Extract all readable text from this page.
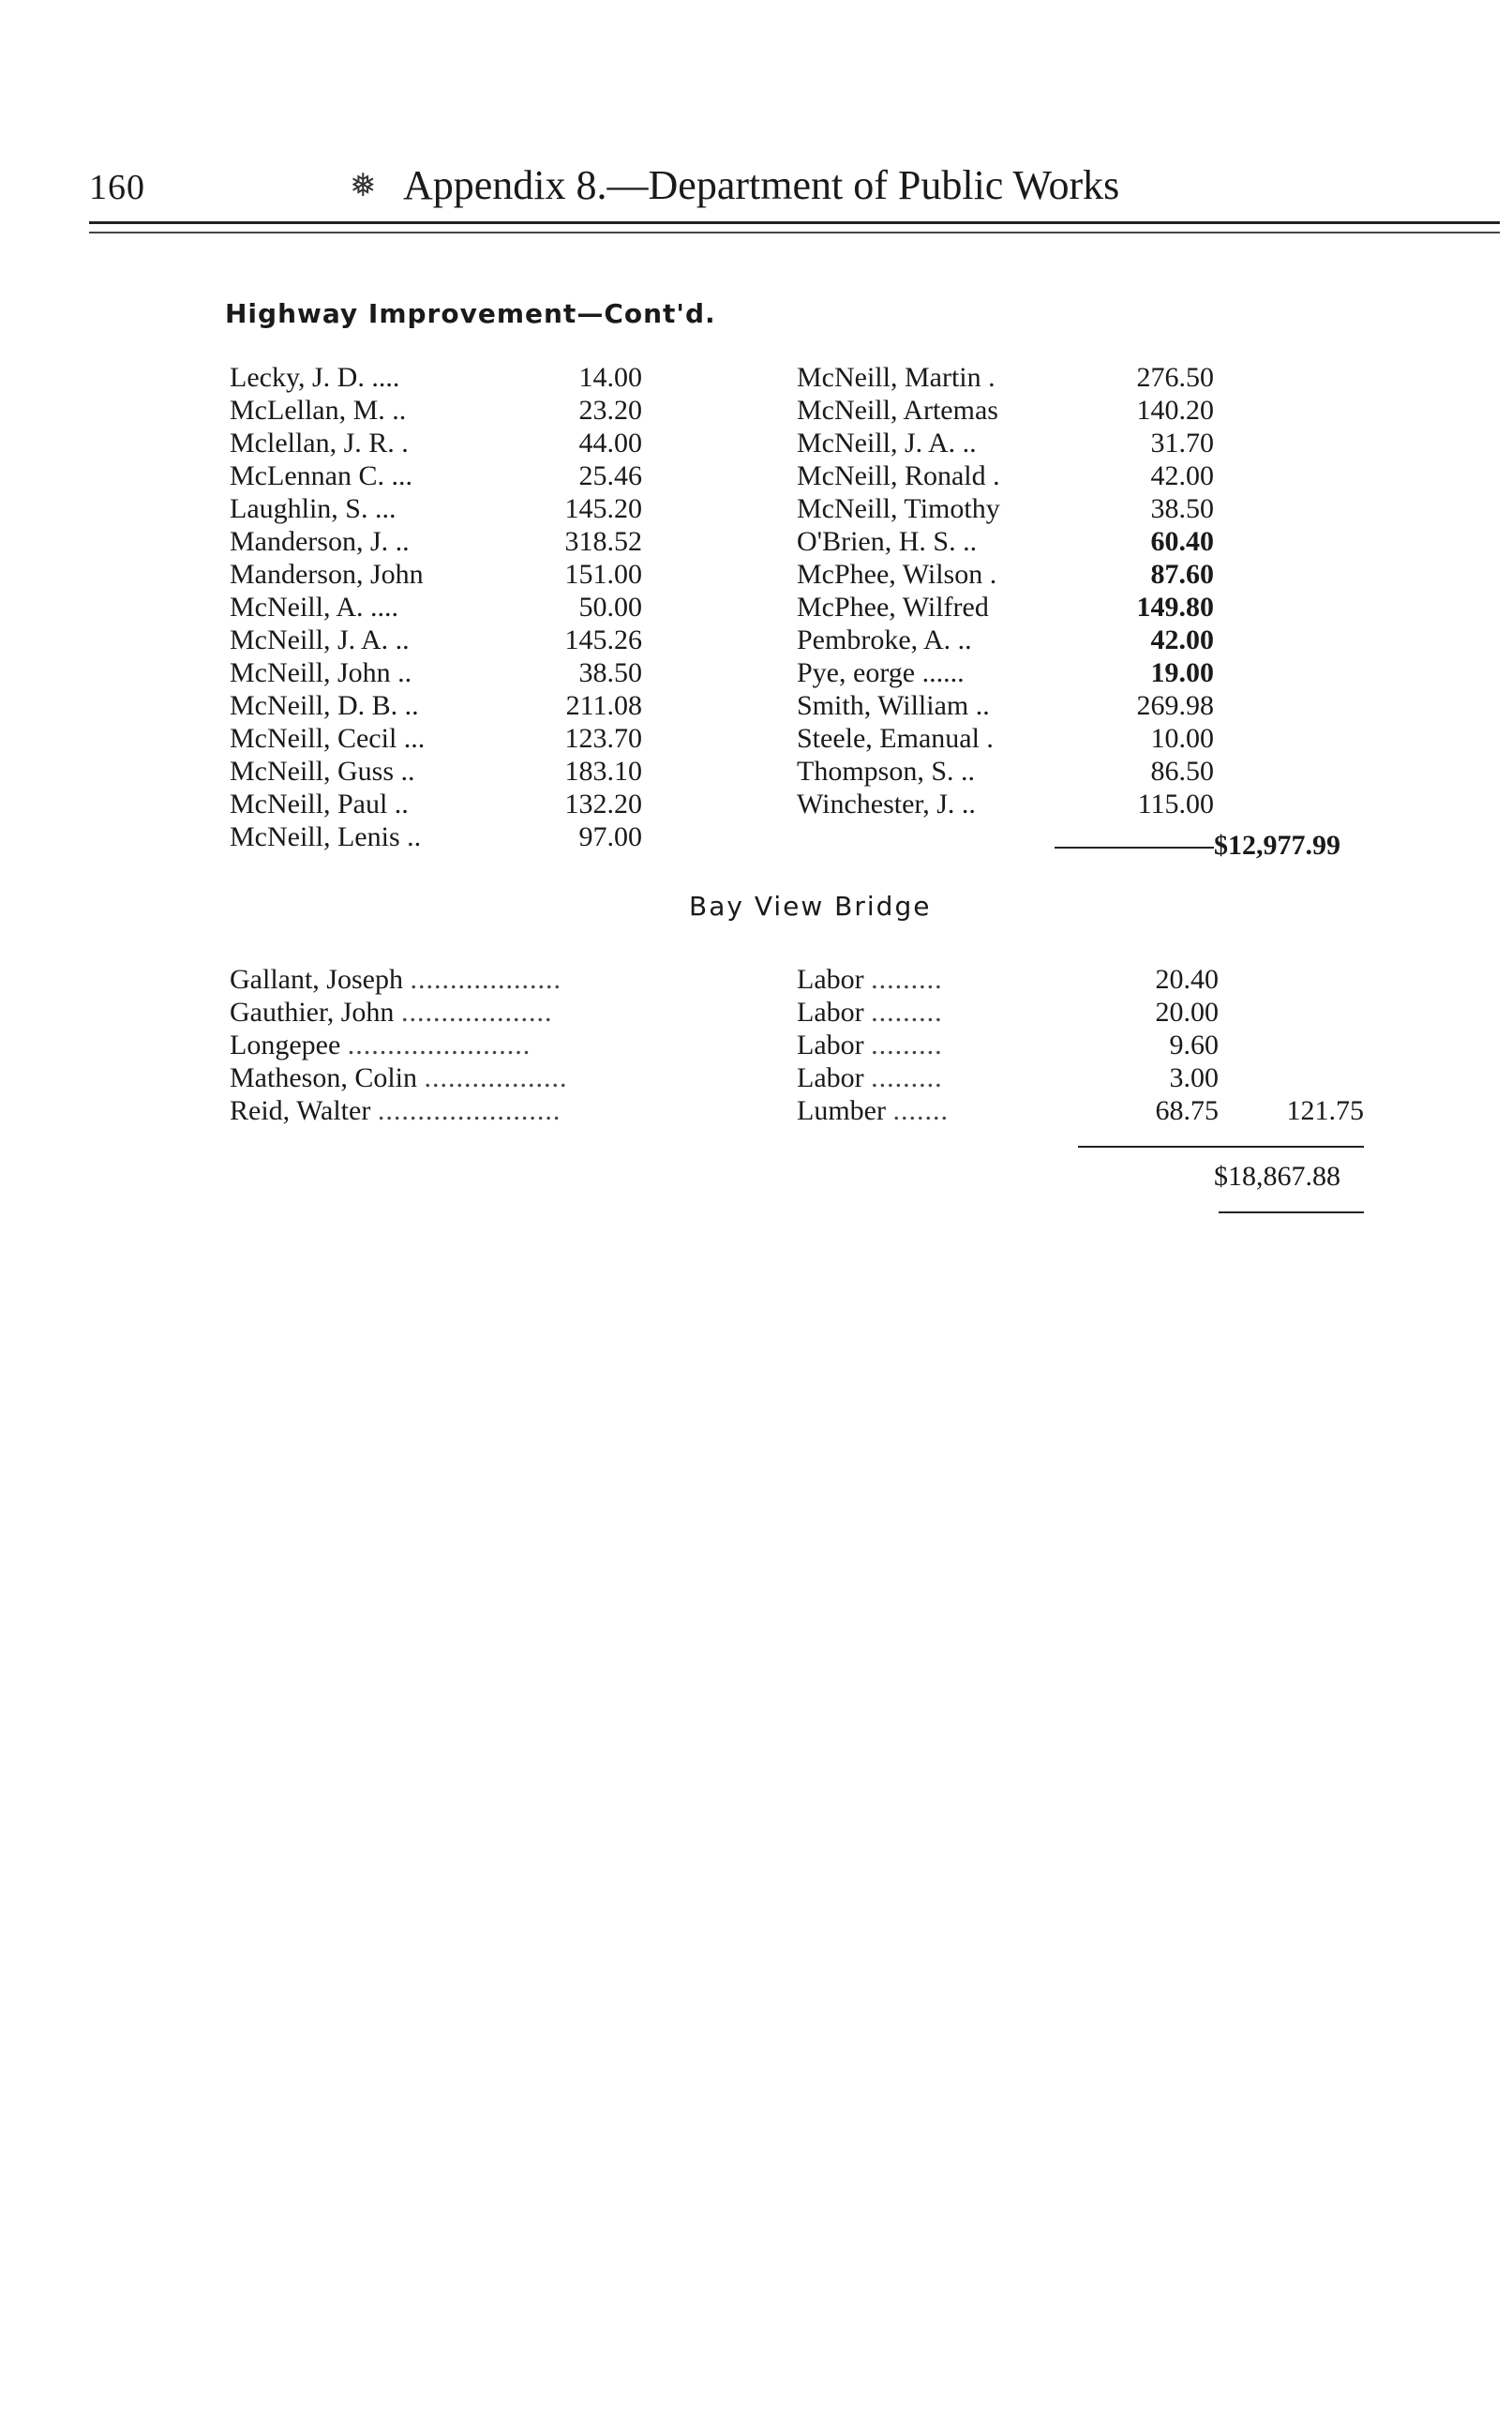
160	❅ Appendix 8.—Department of Public Works
Highway Improvement—Cont'd.
Lecky, J. D. ....	14.00
McLellan, M. ..	23.20
Mclellan, J. R. .	44.00
McLennan C. ...	25.46
Laughlin, S. ...	145.20
Manderson, J. ..	318.52
Manderson, John	151.00
McNeill, A. ....	50.00
McNeill, J. A. ..	145.26
McNeill, John ..	38.50
McNeill, D. B. ..	211.08
McNeill, Cecil ...	123.70
McNeill, Guss ..	183.10
McNeill, Paul ..	132.20
McNeill, Lenis ..	97.00
McNeill, Martin .	276.50
McNeill, Artemas	140.20
McNeill, J. A. ..	31.70
McNeill, Ronald .	42.00
McNeill, Timothy	38.50
O'Brien, H. S. ..	60.40
McPhee, Wilson .	87.60
McPhee, Wilfred	149.80
Pembroke, A. ..	42.00
Pye, eorge ......	19.00
Smith, William ..	269.98
Steele, Emanual .	10.00
Thompson, S. ..	86.50
Winchester, J. ..	115.00
$12,977.99
Bay View Bridge
Gallant, Joseph ...................	Labor .........	20.40
Gauthier, John ...................	Labor .........	20.00
Longepee .......................	Labor .........	9.60
Matheson, Colin ..................	Labor .........	3.00
Reid, Walter .......................	Lumber .......	68.75	121.75
$18,867.88
